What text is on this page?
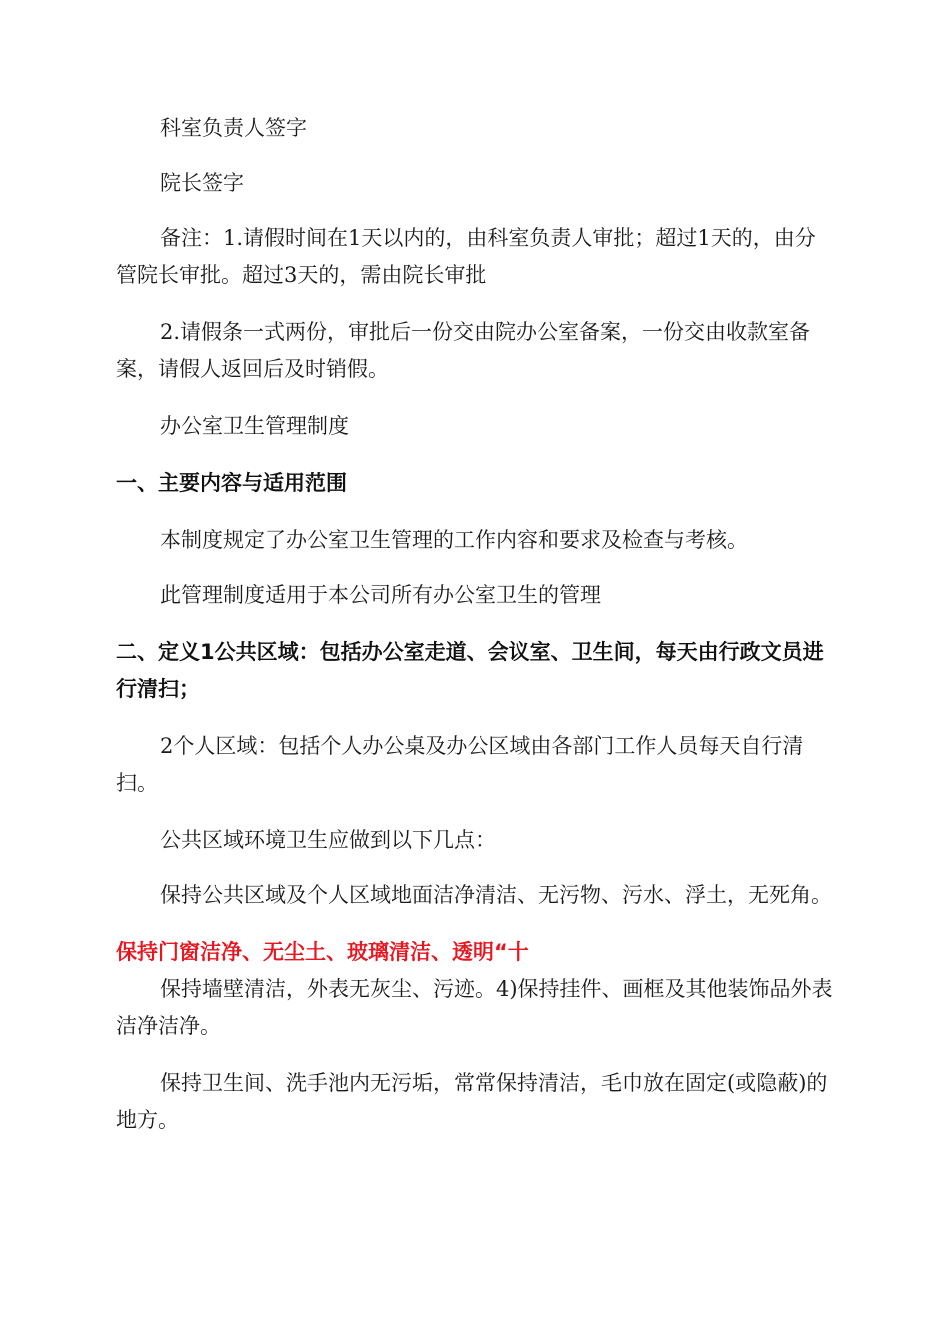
科室负责人签字

院长签字

备注：1.请假时间在1天以内的，由科室负责人审批；超过1天的，由分管院长审批。超过3天的，需由院长审批

2.请假条一式两份，审批后一份交由院办公室备案，一份交由收款室备案，请假人返回后及时销假。

办公室卫生管理制度

一、主要内容与适用范围

本制度规定了办公室卫生管理的工作内容和要求及检查与考核。

此管理制度适用于本公司所有办公室卫生的管理

二、定义1公共区域：包括办公室走道、会议室、卫生间，每天由行政文员进行清扫；

2个人区域：包括个人办公桌及办公区域由各部门工作人员每天自行清扫。

公共区域环境卫生应做到以下几点：

保持公共区域及个人区域地面洁净清洁、无污物、污水、浮土，无死角。

保持门窗洁净、无尘土、玻璃清洁、透明“十

保持墙壁清洁，外表无灰尘、污迹。4)保持挂件、画框及其他装饰品外表洁净洁净。

保持卫生间、洗手池内无污垢，常常保持清洁，毛巾放在固定(或隐蔽)的地方。
